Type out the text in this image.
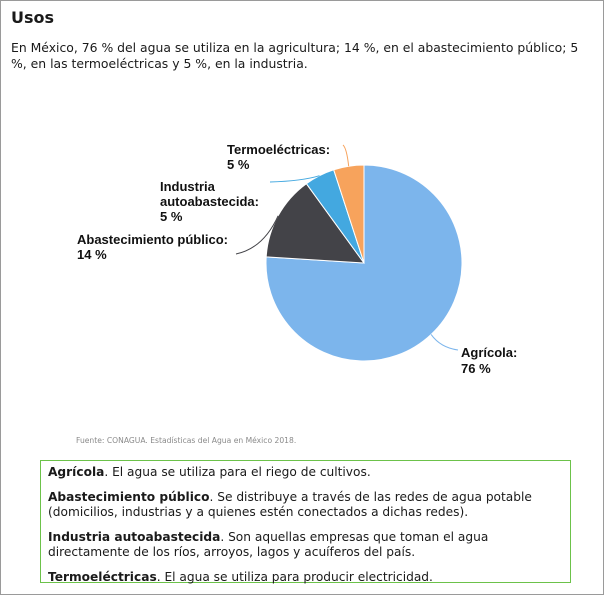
Usos

En México, 76 % del agua se utiliza en la agricultura; 14 %, en el abastecimiento público; 5 %, en las termoeléctricas y 5 %, en la industria.

Agrícola:
76 %
Abastecimiento público:
14 %
Industria
autoabastecida:
5 %
Termoeléctricas:
5 %

Fuente: CONAGUA. Estadísticas del Agua en México 2018.

Agrícola. El agua se utiliza para el riego de cultivos.

Abastecimiento público. Se distribuye a través de las redes de agua potable (domicilios, industrias y a quienes estén conectados a dichas redes).

Industria autoabastecida. Son aquellas empresas que toman el agua directamente de los ríos, arroyos, lagos y acuíferos del país.

Termoeléctricas. El agua se utiliza para producir electricidad.
